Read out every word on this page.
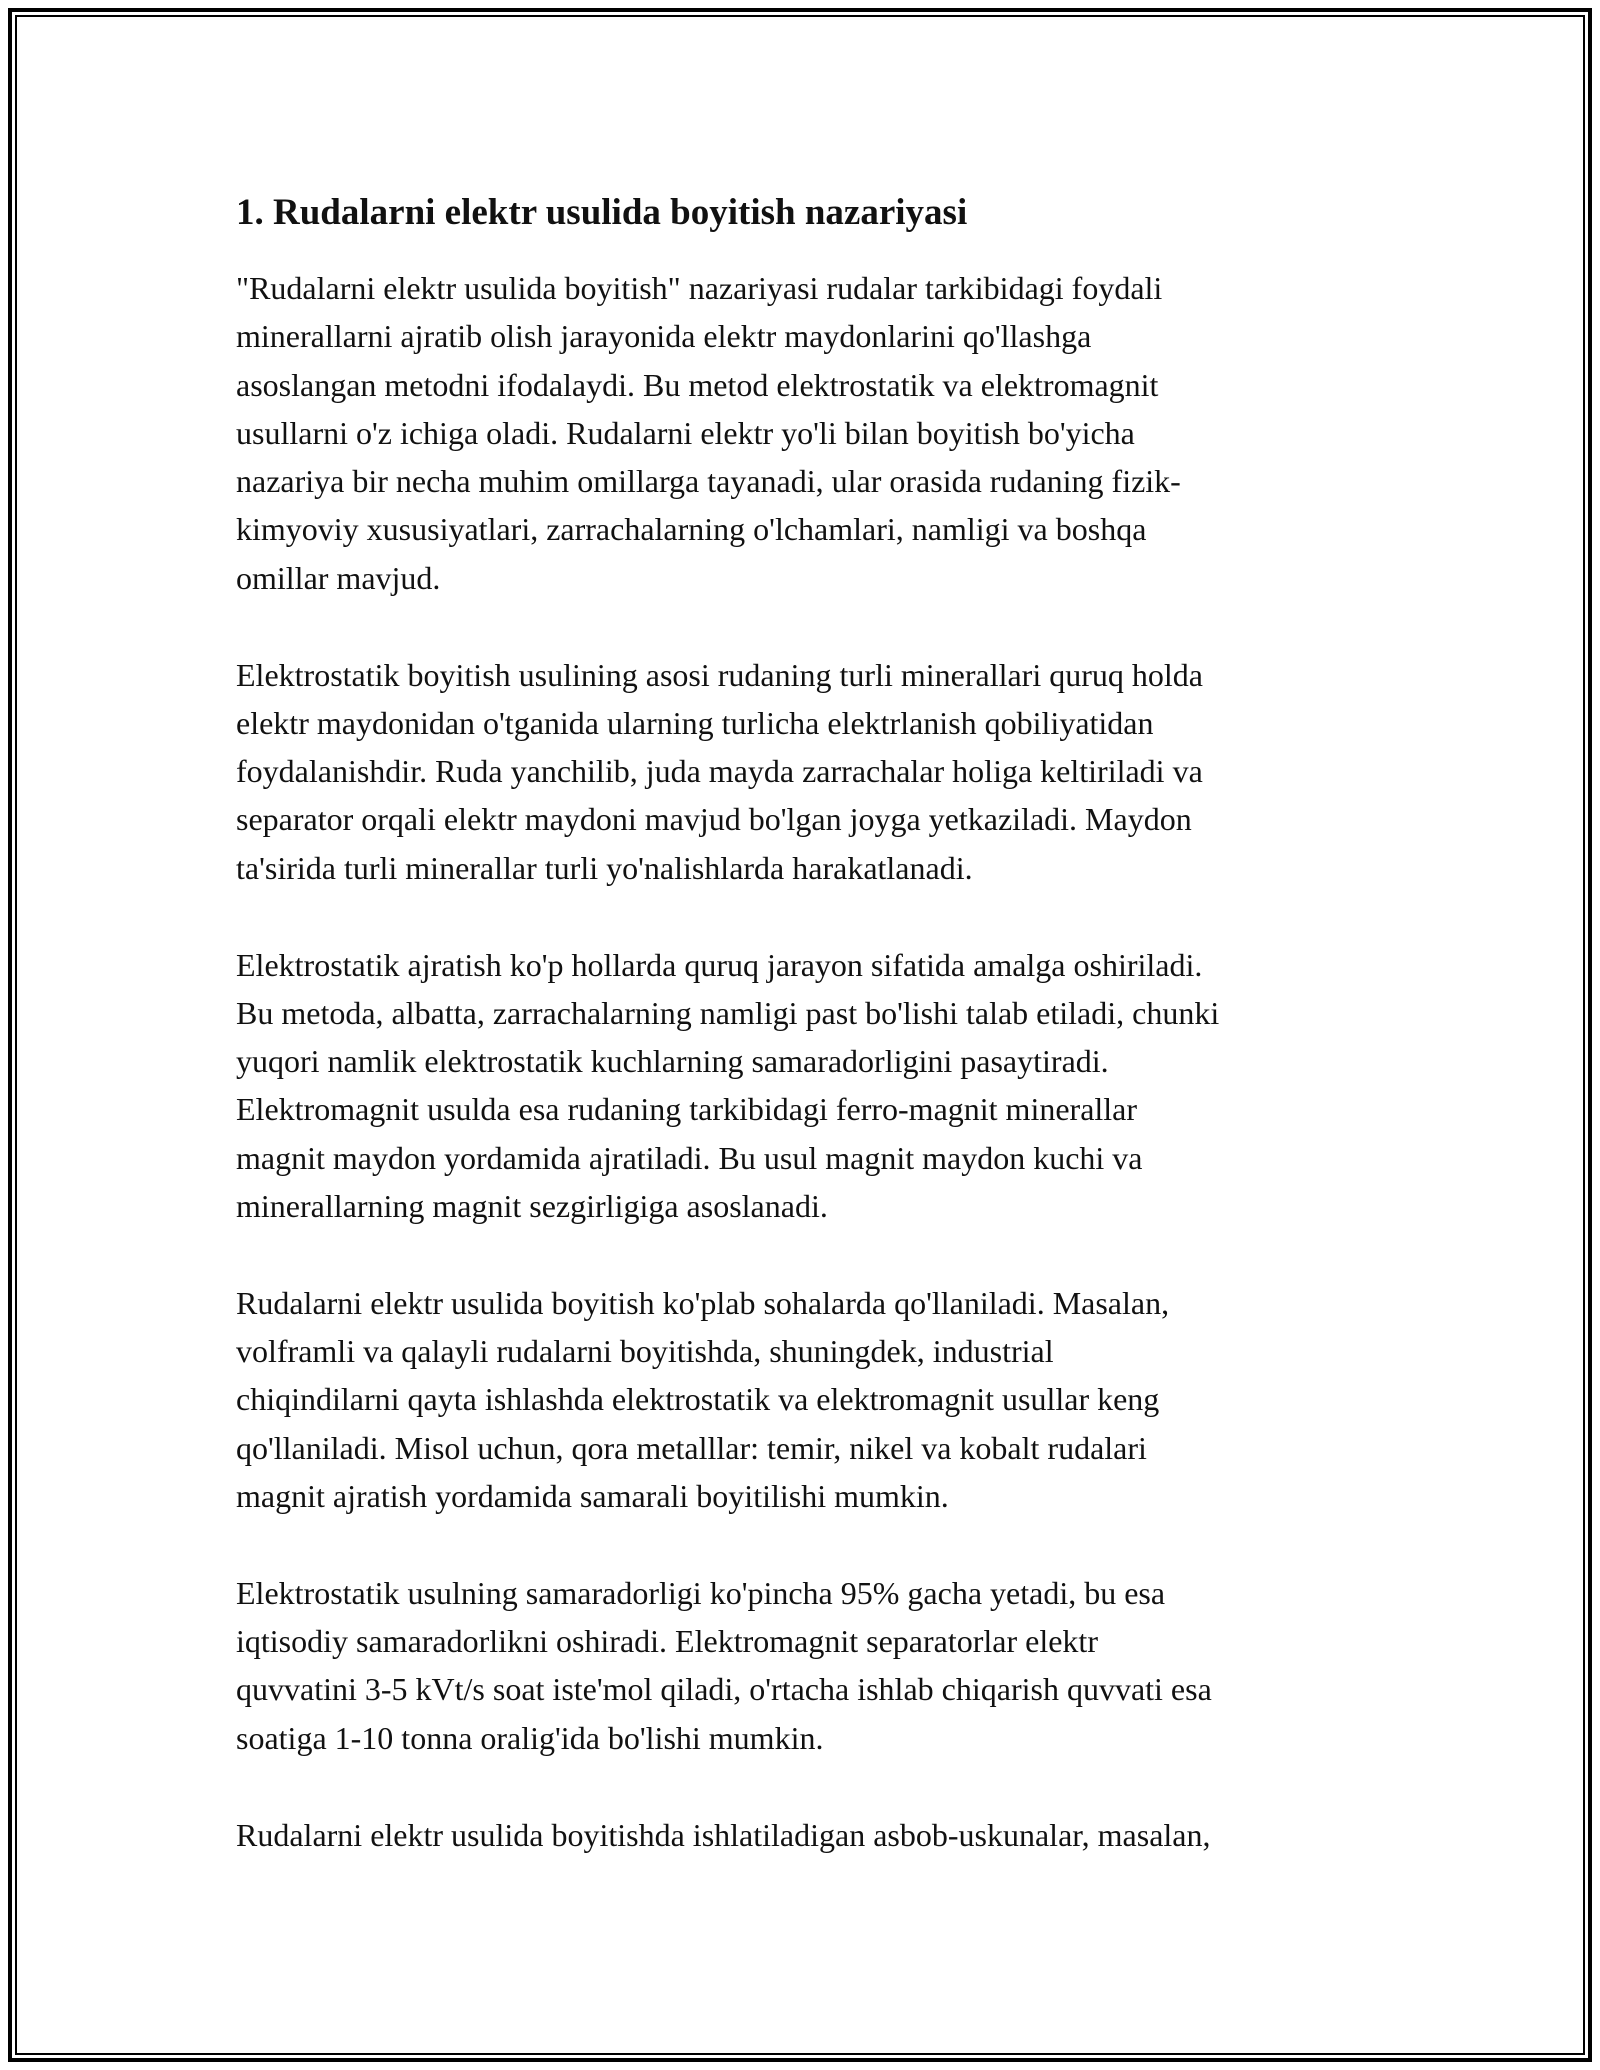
1. Rudalarni elektr usulida boyitish nazariyasi

"Rudalarni elektr usulida boyitish" nazariyasi rudalar tarkibidagi foydali
minerallarni ajratib olish jarayonida elektr maydonlarini qo'llashga
asoslangan metodni ifodalaydi. Bu metod elektrostatik va elektromagnit
usullarni o'z ichiga oladi. Rudalarni elektr yo'li bilan boyitish bo'yicha
nazariya bir necha muhim omillarga tayanadi, ular orasida rudaning fizik-
kimyoviy xususiyatlari, zarrachalarning o'lchamlari, namligi va boshqa
omillar mavjud.

Elektrostatik boyitish usulining asosi rudaning turli minerallari quruq holda
elektr maydonidan o'tganida ularning turlicha elektrlanish qobiliyatidan
foydalanishdir. Ruda yanchilib, juda mayda zarrachalar holiga keltiriladi va
separator orqali elektr maydoni mavjud bo'lgan joyga yetkaziladi. Maydon
ta'sirida turli minerallar turli yo'nalishlarda harakatlanadi.

Elektrostatik ajratish ko'p hollarda quruq jarayon sifatida amalga oshiriladi.
Bu metoda, albatta, zarrachalarning namligi past bo'lishi talab etiladi, chunki
yuqori namlik elektrostatik kuchlarning samaradorligini pasaytiradi.
Elektromagnit usulda esa rudaning tarkibidagi ferro-magnit minerallar
magnit maydon yordamida ajratiladi. Bu usul magnit maydon kuchi va
minerallarning magnit sezgirligiga asoslanadi.

Rudalarni elektr usulida boyitish ko'plab sohalarda qo'llaniladi. Masalan,
volframli va qalayli rudalarni boyitishda, shuningdek, industrial
chiqindilarni qayta ishlashda elektrostatik va elektromagnit usullar keng
qo'llaniladi. Misol uchun, qora metalllar: temir, nikel va kobalt rudalari
magnit ajratish yordamida samarali boyitilishi mumkin.

Elektrostatik usulning samaradorligi ko'pincha 95% gacha yetadi, bu esa
iqtisodiy samaradorlikni oshiradi. Elektromagnit separatorlar elektr
quvvatini 3-5 kVt/s soat iste'mol qiladi, o'rtacha ishlab chiqarish quvvati esa
soatiga 1-10 tonna oralig'ida bo'lishi mumkin.

Rudalarni elektr usulida boyitishda ishlatiladigan asbob-uskunalar, masalan,
